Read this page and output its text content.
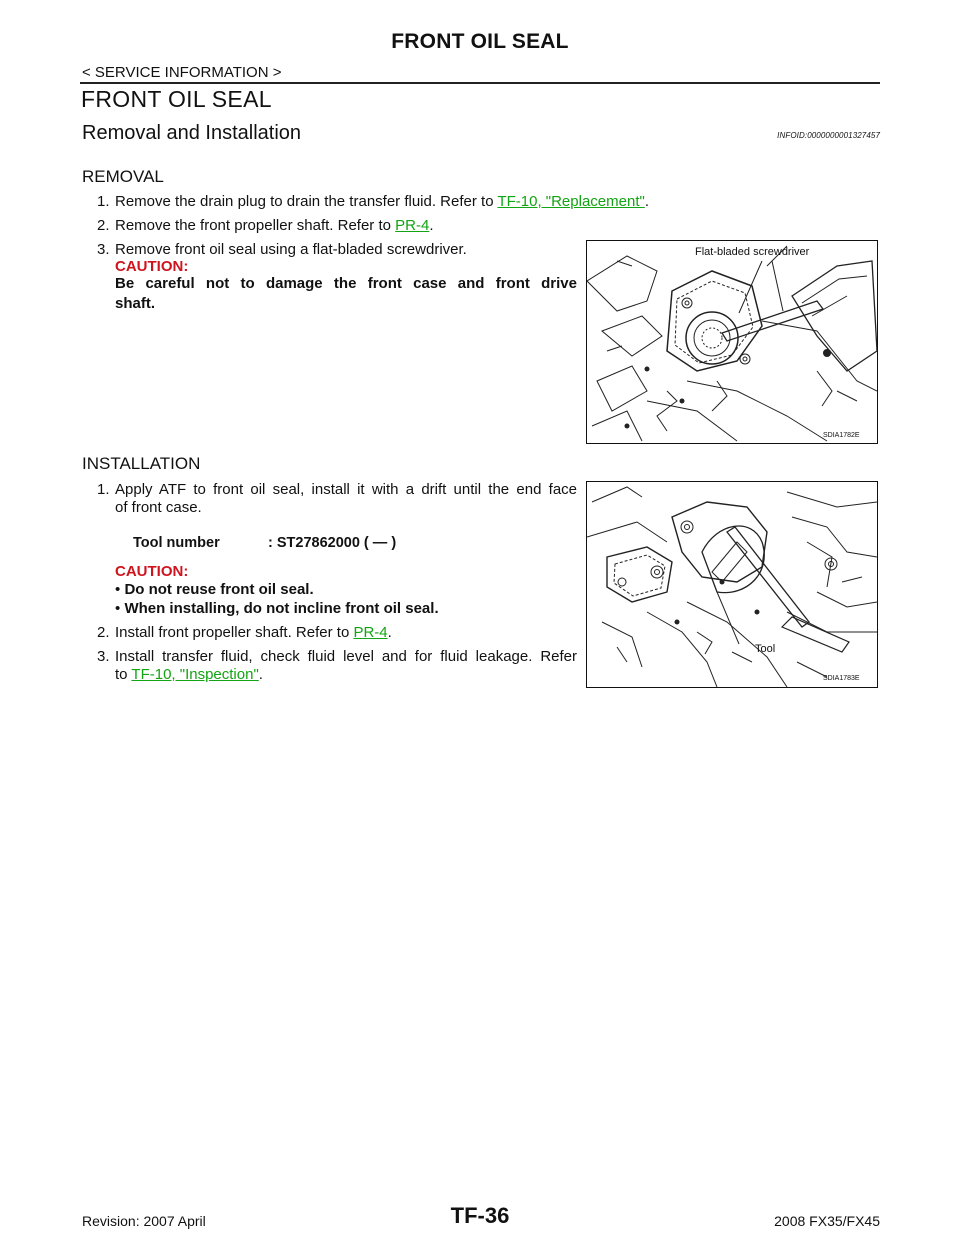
FRONT OIL SEAL
< SERVICE INFORMATION >
FRONT OIL SEAL
Removal and Installation	INFOID:0000000001327457
REMOVAL
1. Remove the drain plug to drain the transfer fluid. Refer to TF-10, "Replacement".
2. Remove the front propeller shaft. Refer to PR-4.
3. Remove front oil seal using a flat-bladed screwdriver.
CAUTION:
Be careful not to damage the front case and front drive
shaft.
Flat-bladed screwdriver
SDIA1782E
INSTALLATION
1. Apply ATF to front oil seal, install it with a drift until the end face
of front case.
Tool number	: ST27862000 ( — )
CAUTION:
• Do not reuse front oil seal.
• When installing, do not incline front oil seal.
2. Install front propeller shaft. Refer to PR-4.
3. Install transfer fluid, check fluid level and for fluid leakage. Refer
to TF-10, "Inspection".
Tool
SDIA1783E
Revision: 2007 April	TF-36	2008 FX35/FX45
